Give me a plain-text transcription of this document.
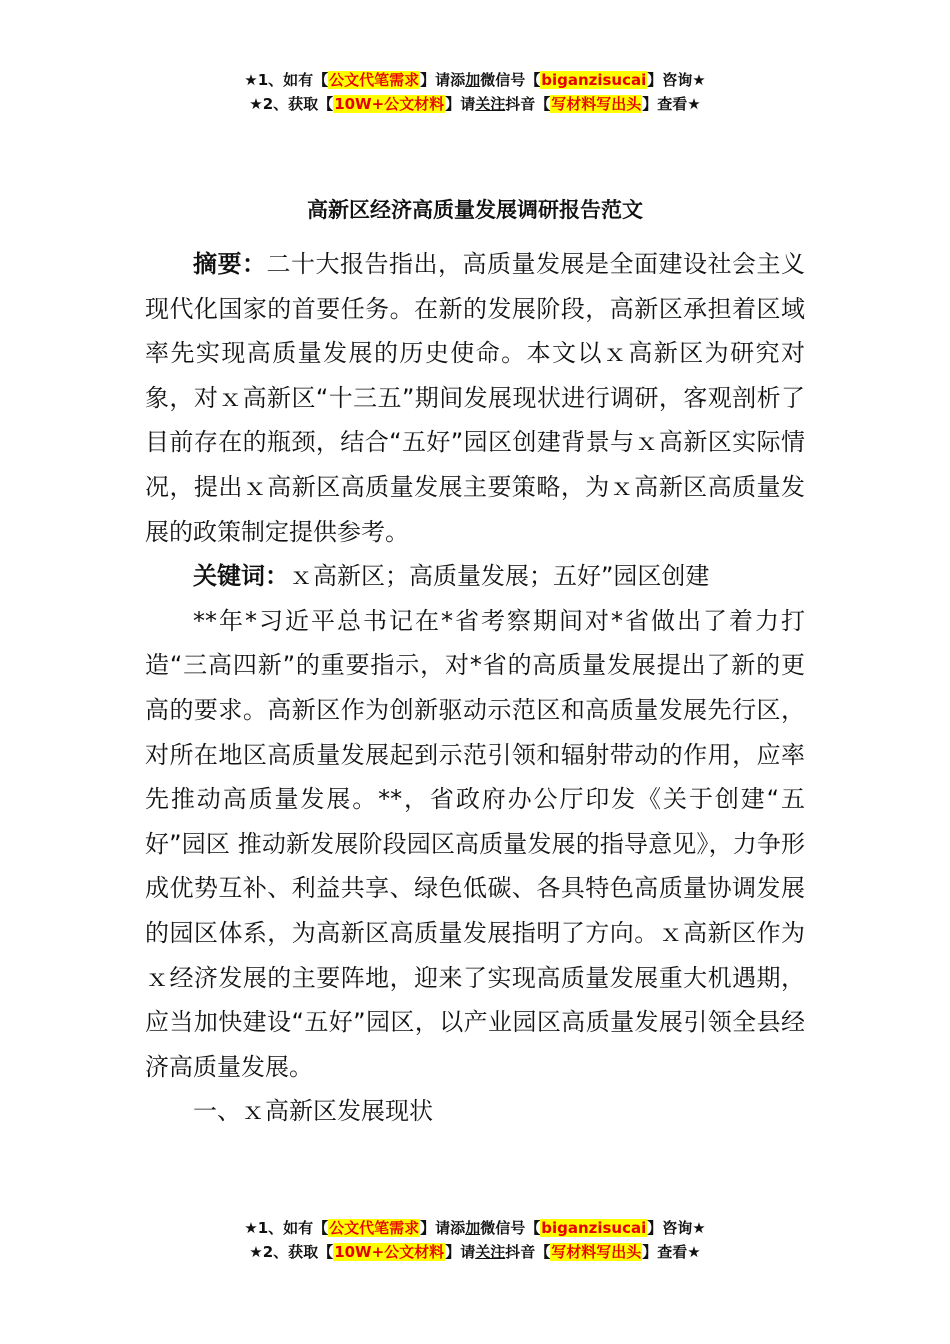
★1、如有【公文代笔需求】请添加微信号【biganzisucai】咨询★
★2、获取【10W+公文材料】请关注抖音【写材料写出头】查看★
高新区经济高质量发展调研报告范文

摘要：二十大报告指出，高质量发展是全面建设社会主义现代化国家的首要任务。在新的发展阶段，高新区承担着区域率先实现高质量发展的历史使命。本文以ｘ高新区为研究对象，对ｘ高新区“十三五”期间发展现状进行调研，客观剖析了目前存在的瓶颈，结合“五好”园区创建背景与ｘ高新区实际情况，提出ｘ高新区高质量发展主要策略，为ｘ高新区高质量发展的政策制定提供参考。

关键词：ｘ高新区；高质量发展；五好”园区创建

**年*习近平总书记在*省考察期间对*省做出了着力打造“三高四新”的重要指示，对*省的高质量发展提出了新的更高的要求。高新区作为创新驱动示范区和高质量发展先行区，对所在地区高质量发展起到示范引领和辐射带动的作用，应率先推动高质量发展。**，省政府办公厅印发《关于创建“五好”园区 推动新发展阶段园区高质量发展的指导意见》，力争形成优势互补、利益共享、绿色低碳、各具特色高质量协调发展的园区体系，为高新区高质量发展指明了方向。ｘ高新区作为ｘ经济发展的主要阵地，迎来了实现高质量发展重大机遇期，应当加快建设“五好”园区，以产业园区高质量发展引领全县经济高质量发展。

一、ｘ高新区发展现状

★1、如有【公文代笔需求】请添加微信号【biganzisucai】咨询★
★2、获取【10W+公文材料】请关注抖音【写材料写出头】查看★
